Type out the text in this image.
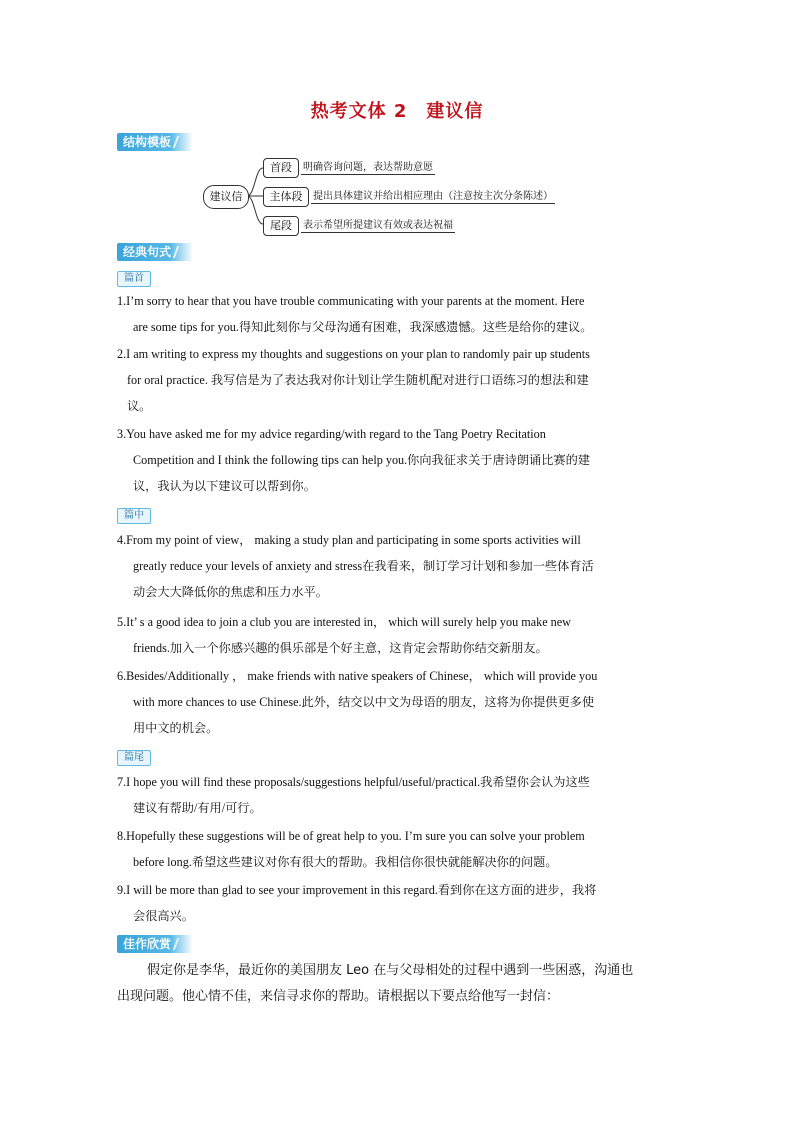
热考文体 2　建议信
结构模板
建议信
首段	明确咨询问题，表达帮助意愿
主体段	提出具体建议并给出相应理由（注意按主次分条陈述）
尾段	表示希望所提建议有效或表达祝福
经典句式
篇首
1.I’m sorry to hear that you have trouble communicating with your parents at the moment. Here
are some tips for you.得知此刻你与父母沟通有困难，我深感遗憾。这些是给你的建议。
2.I am writing to express my thoughts and suggestions on your plan to randomly pair up students
for oral practice. 我写信是为了表达我对你计划让学生随机配对进行口语练习的想法和建
议。
3.You have asked me for my advice regarding/with regard to the Tang Poetry Recitation
Competition and I think the following tips can help you.你向我征求关于唐诗朗诵比赛的建
议，我认为以下建议可以帮到你。
篇中
4.From my point of view， making a study plan and participating in some sports activities will
greatly reduce your levels of anxiety and stress在我看来，制订学习计划和参加一些体育活
动会大大降低你的焦虑和压力水平。
5.It’ s a good idea to join a club you are interested in， which will surely help you make new
friends.加入一个你感兴趣的俱乐部是个好主意，这肯定会帮助你结交新朋友。
6.Besides/Additionally ， make friends with native speakers of Chinese， which will provide you
with more chances to use Chinese.此外，结交以中文为母语的朋友，这将为你提供更多使
用中文的机会。
篇尾
7.I hope you will find these proposals/suggestions helpful/useful/practical.我希望你会认为这些
建议有帮助/有用/可行。
8.Hopefully these suggestions will be of great help to you. I’m sure you can solve your problem
before long.希望这些建议对你有很大的帮助。我相信你很快就能解决你的问题。
9.I will be more than glad to see your improvement in this regard.看到你在这方面的进步，我将
会很高兴。
佳作欣赏
假定你是李华，最近你的美国朋友 Leo 在与父母相处的过程中遇到一些困惑，沟通也
出现问题。他心情不佳，来信寻求你的帮助。请根据以下要点给他写一封信：
